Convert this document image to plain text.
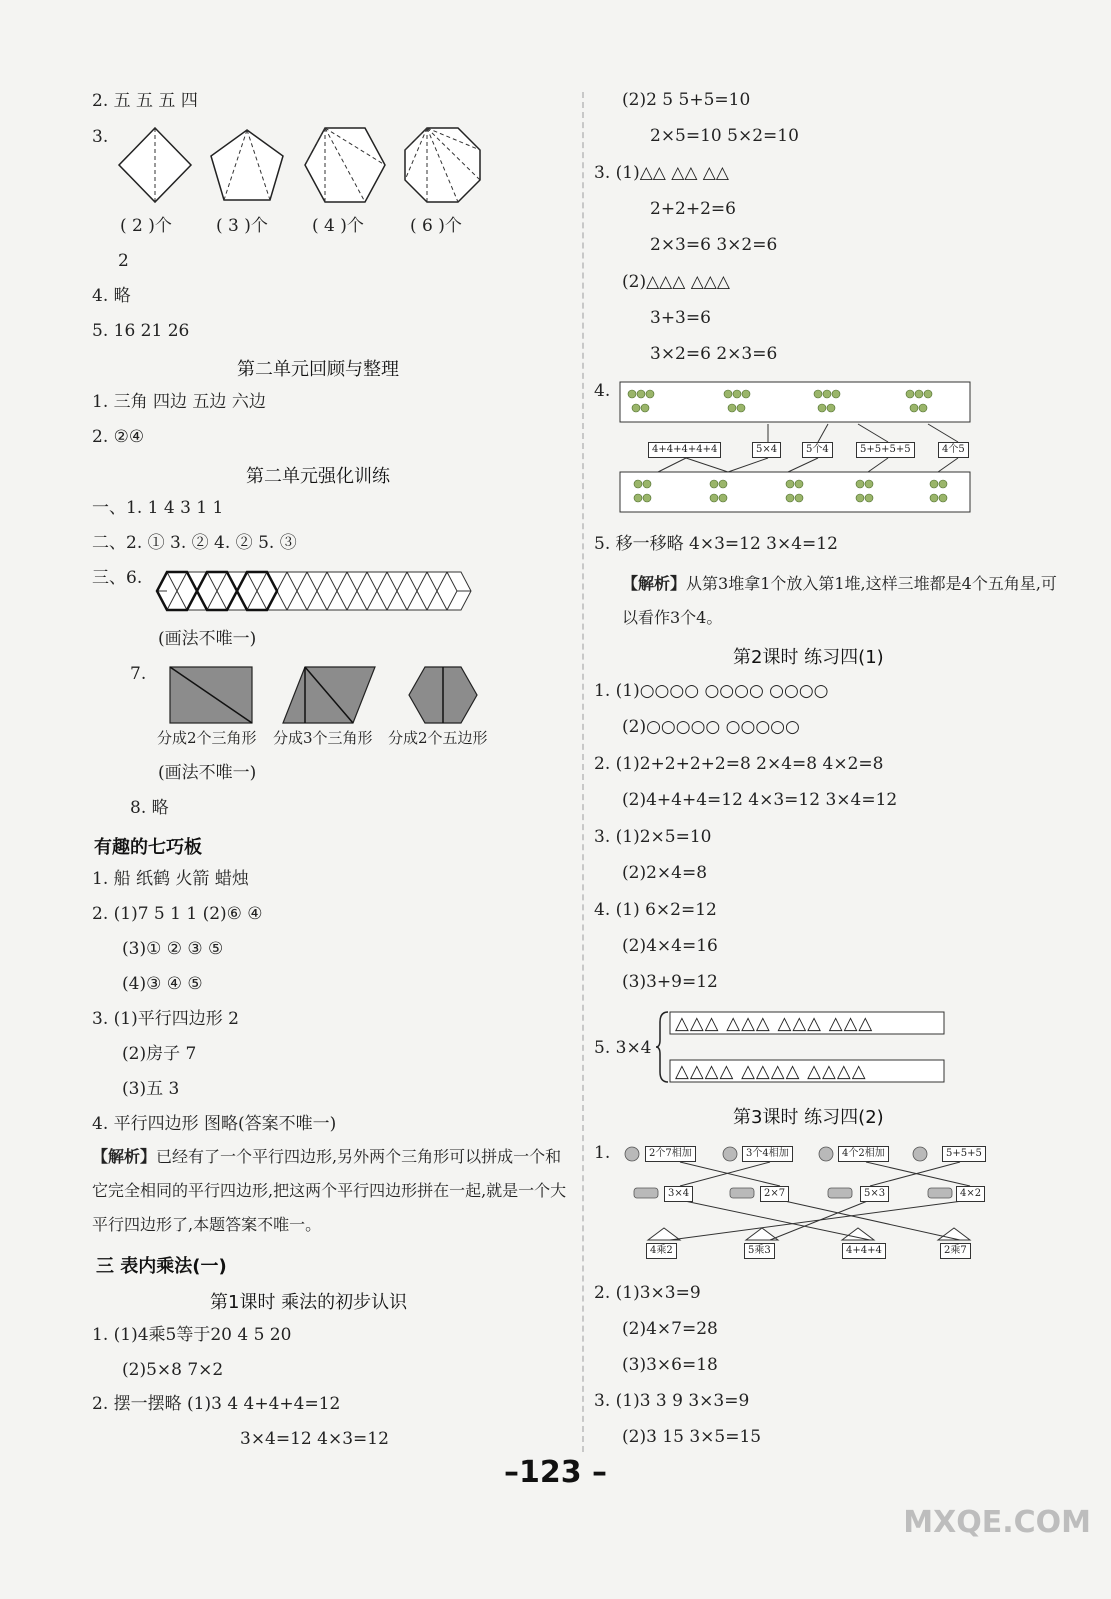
2. 五 五 五 四
3.
( 2 )个	( 3 )个	( 4 )个	( 6 )个
2
4. 略
5. 16 21 26
第二单元回顾与整理
1. 三角 四边 五边 六边
2. ②④
第二单元强化训练
一、1. 1 4 3 1 1
二、2. ① 3. ② 4. ② 5. ③
三、6.
(画法不唯一)
7.
分成2个三角形 分成3个三角形 分成2个五边形
(画法不唯一)
8. 略
有趣的七巧板
1. 船 纸鹤 火箭 蜡烛
2. (1)7 5 1 1 (2)⑥ ④
(3)① ② ③ ⑤
(4)③ ④ ⑤
3. (1)平行四边形 2
(2)房子 7
(3)五 3
4. 平行四边形 图略(答案不唯一)
【解析】已经有了一个平行四边形,另外两个三角形可以拼成一个和它完全相同的平行四边形,把这两个平行四边形拼在一起,就是一个大平行四边形了,本题答案不唯一。
三 表内乘法(一)
第1课时 乘法的初步认识
1. (1)4乘5等于20 4 5 20
(2)5×8 7×2
2. 摆一摆略 (1)3 4 4+4+4=12
3×4=12 4×3=12
(2)2 5 5+5=10
2×5=10 5×2=10
3. (1)△△ △△ △△
2+2+2=6
2×3=6 3×2=6
(2)△△△ △△△
3+3=6
3×2=6 2×3=6
4.
4+4+4+4+4	5×4	5个4	5+5+5+5	4个5
5. 移一移略 4×3=12 3×4=12
【解析】从第3堆拿1个放入第1堆,这样三堆都是4个五角星,可以看作3个4。
第2课时 练习四(1)
1. (1)○○○○ ○○○○ ○○○○
(2)○○○○○ ○○○○○
2. (1)2+2+2+2=8 2×4=8 4×2=8
(2)4+4+4=12 4×3=12 3×4=12
3. (1)2×5=10
(2)2×4=8
4. (1) 6×2=12
(2)4×4=16
(3)3+9=12
5. 3×4
△△△ △△△ △△△ △△△
△△△△ △△△△ △△△△
第3课时 练习四(2)
1.	2个7相加	3个4相加	4个2相加	5+5+5
3×4	2×7	5×3	4×2
4乘2	5乘3	4+4+4	2乘7
2. (1)3×3=9
(2)4×7=28
(3)3×6=18
3. (1)3 3 9 3×3=9
(2)3 15 3×5=15
–123 –
MXQE.COM
